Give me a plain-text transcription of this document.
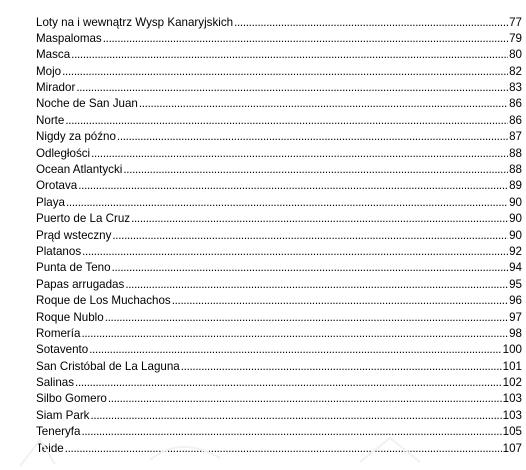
Loty na i wewnątrz Wysp Kanaryjskich .....	77
Maspalomas .....	79
Masca .....	80
Mojo .....	82
Mirador .....	83
Noche de San Juan .....	86
Norte .....	86
Nigdy za późno .....	87
Odległości .....	88
Ocean Atlantycki .....	88
Orotava .....	89
Playa .....	90
Puerto de La Cruz .....	90
Prąd wsteczny .....	90
Platanos .....	92
Punta de Teno .....	94
Papas arrugadas .....	95
Roque de Los Muchachos .....	96
Roque Nublo .....	97
Romería .....	98
Sotavento .....	100
San Cristóbal de La Laguna .....	101
Salinas .....	102
Silbo Gomero .....	103
Siam Park .....	103
Teneryfa .....	105
Teide .....	107
